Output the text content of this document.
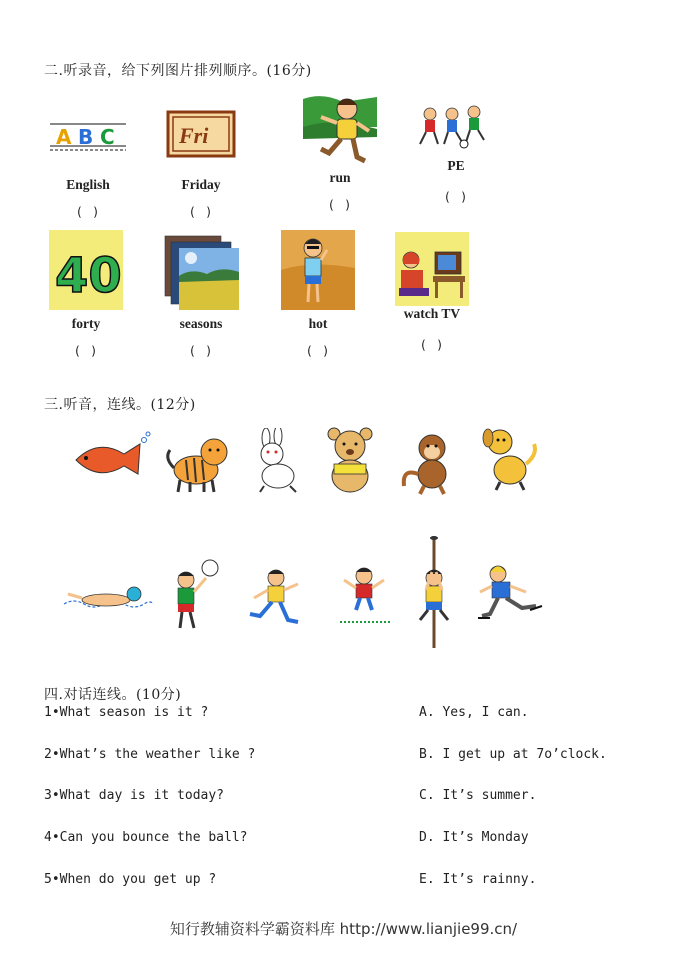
二.听录音，给下列图片排列顺序。(16分)
A B C
English
( )
Fri
Friday
( )
run
( )
PE
( )
40
forty
( )
seasons
( )
hot
( )
watch TV
( )
三.听音，连线。(12分)
四.对话连线。(10分)
1•What season is it ?	A. Yes, I can.
2•What’s the weather like ?	B. I get up at 7o’clock.
3•What day is it today?	C. It’s summer.
4•Can you bounce the ball?	D. It’s Monday
5•When do you get up ?	E. It’s rainny.
知行教辅资料学霸资料库 http://www.lianjie99.cn/
